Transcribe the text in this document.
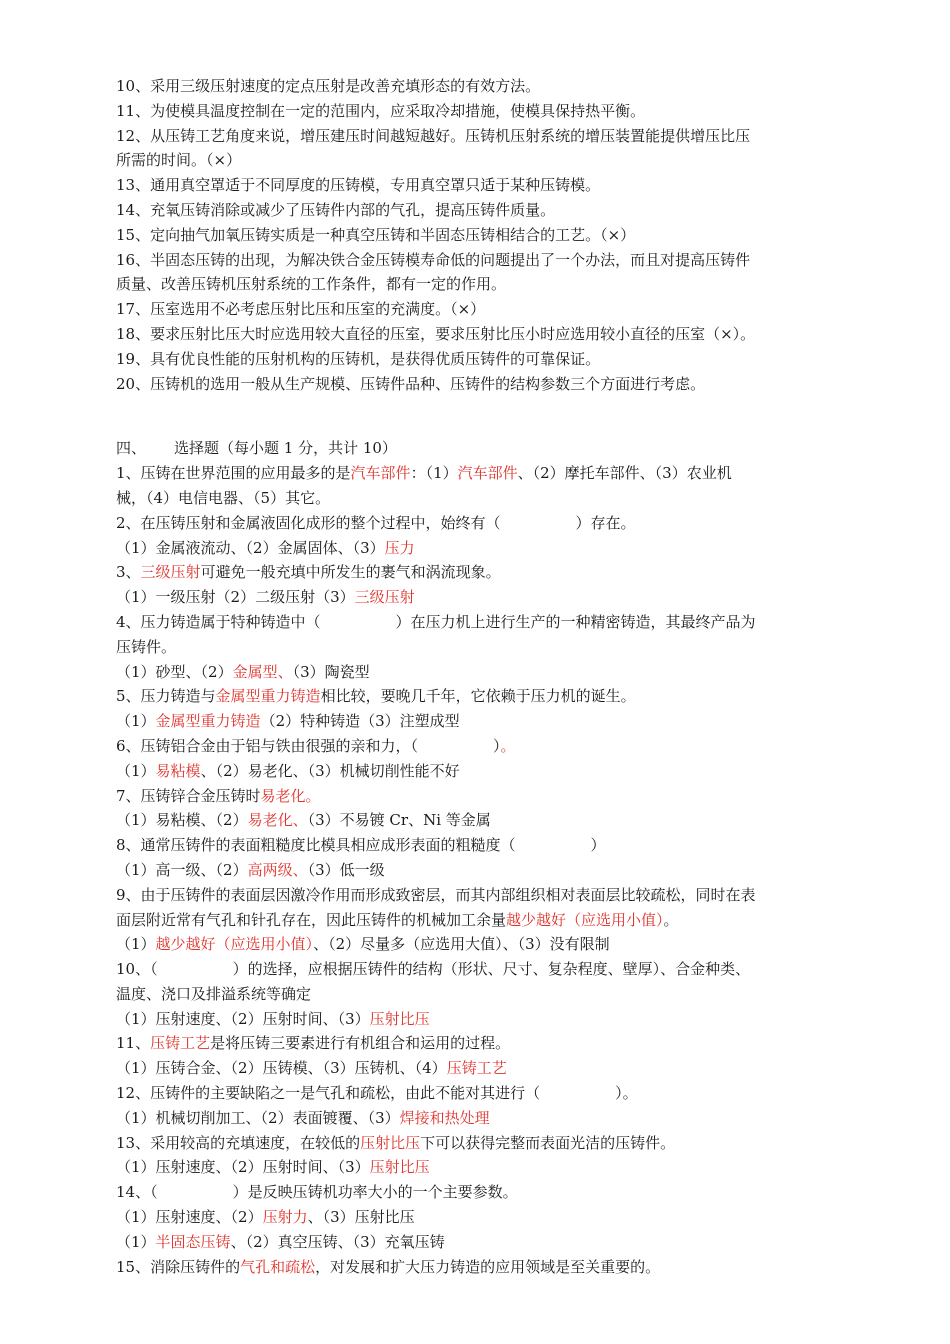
10、采用三级压射速度的定点压射是改善充填形态的有效方法。
11、为使模具温度控制在一定的范围内，应采取冷却措施，使模具保持热平衡。
12、从压铸工艺角度来说，增压建压时间越短越好。压铸机压射系统的增压装置能提供增压比压
所需的时间。（×）
13、通用真空罩适于不同厚度的压铸模，专用真空罩只适于某种压铸模。
14、充氧压铸消除或减少了压铸件内部的气孔，提高压铸件质量。
15、定向抽气加氧压铸实质是一种真空压铸和半固态压铸相结合的工艺。（×）
16、半固态压铸的出现，为解决铁合金压铸模寿命低的问题提出了一个办法，而且对提高压铸件
质量、改善压铸机压射系统的工作条件，都有一定的作用。
17、压室选用不必考虑压射比压和压室的充满度。（×）
18、要求压射比压大时应选用较大直径的压室，要求压射比压小时应选用较小直径的压室（×）。
19、具有优良性能的压射机构的压铸机，是获得优质压铸件的可靠保证。
20、压铸机的选用一般从生产规模、压铸件品种、压铸件的结构参数三个方面进行考虑。
四、 选择题（每小题 1 分，共计 10）
1、压铸在世界范围的应用最多的是汽车部件：（1）汽车部件、（2）摩托车部件、（3）农业机
械，（4）电信电器、（5）其它。
2、在压铸压射和金属液固化成形的整个过程中，始终有（　　　　　）存在。
（1）金属液流动、（2）金属固体、（3）压力
3、三级压射可避免一般充填中所发生的裹气和涡流现象。
（1）一级压射（2）二级压射（3）三级压射
4、压力铸造属于特种铸造中（　　　　　）在压力机上进行生产的一种精密铸造，其最终产品为
压铸件。
（1）砂型、（2）金属型、（3）陶瓷型
5、压力铸造与金属型重力铸造相比较，要晚几千年，它依赖于压力机的诞生。
（1）金属型重力铸造（2）特种铸造（3）注塑成型
6、压铸铝合金由于铝与铁由很强的亲和力，（　　　　　）。
（1）易粘模、（2）易老化、（3）机械切削性能不好
7、压铸锌合金压铸时易老化。
（1）易粘模、（2）易老化、（3）不易镀 Cr、Ni 等金属
8、通常压铸件的表面粗糙度比模具相应成形表面的粗糙度（　　　　　）
（1）高一级、（2）高两级、（3）低一级
9、由于压铸件的表面层因激冷作用而形成致密层，而其内部组织相对表面层比较疏松，同时在表
面层附近常有气孔和针孔存在，因此压铸件的机械加工余量越少越好（应选用小值）。
（1）越少越好（应选用小值）、（2）尽量多（应选用大值）、（3）没有限制
10、（　　　　　）的选择，应根据压铸件的结构（形状、尺寸、复杂程度、壁厚）、合金种类、
温度、浇口及排溢系统等确定
（1）压射速度、（2）压射时间、（3）压射比压
11、压铸工艺是将压铸三要素进行有机组合和运用的过程。
（1）压铸合金、（2）压铸模、（3）压铸机、（4）压铸工艺
12、压铸件的主要缺陷之一是气孔和疏松，由此不能对其进行（　　　　　）。
（1）机械切削加工、（2）表面镀覆、（3）焊接和热处理
13、采用较高的充填速度，在较低的压射比压下可以获得完整而表面光洁的压铸件。
（1）压射速度、（2）压射时间、（3）压射比压
14、（　　　　　）是反映压铸机功率大小的一个主要参数。
（1）压射速度、（2）压射力、（3）压射比压
（1）半固态压铸、（2）真空压铸、（3）充氧压铸
15、消除压铸件的气孔和疏松，对发展和扩大压力铸造的应用领域是至关重要的。
